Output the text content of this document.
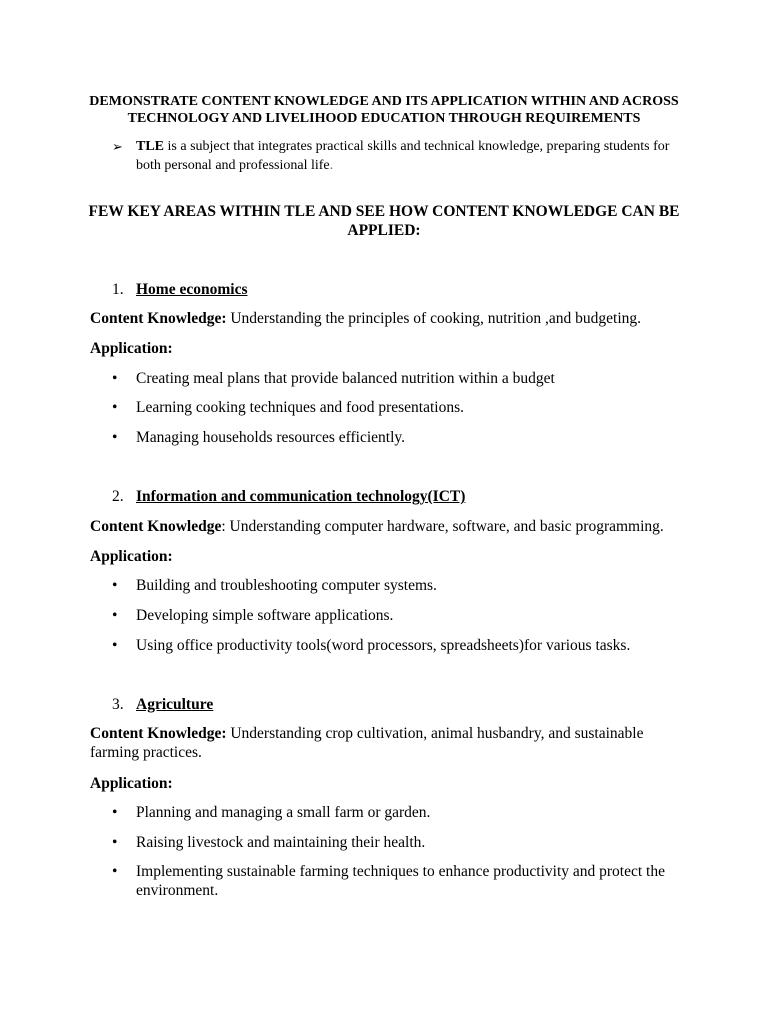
DEMONSTRATE CONTENT KNOWLEDGE AND ITS APPLICATION WITHIN AND ACROSS
TECHNOLOGY AND LIVELIHOOD EDUCATION THROUGH REQUIREMENTS
➢ TLE is a subject that integrates practical skills and technical knowledge, preparing students for both personal and professional life.
FEW KEY AREAS WITHIN TLE AND SEE HOW CONTENT KNOWLEDGE CAN BE APPLIED:
1. Home economics
Content Knowledge: Understanding the principles of cooking, nutrition ,and budgeting.
Application:
• Creating meal plans that provide balanced nutrition within a budget
• Learning cooking techniques and food presentations.
• Managing households resources efficiently.
2. Information and communication technology(ICT)
Content Knowledge: Understanding computer hardware, software, and basic programming.
Application:
• Building and troubleshooting computer systems.
• Developing simple software applications.
• Using office productivity tools(word processors, spreadsheets)for various tasks.
3. Agriculture
Content Knowledge: Understanding crop cultivation, animal husbandry, and sustainable farming practices.
Application:
• Planning and managing a small farm or garden.
• Raising livestock and maintaining their health.
• Implementing sustainable farming techniques to enhance productivity and protect the environment.
